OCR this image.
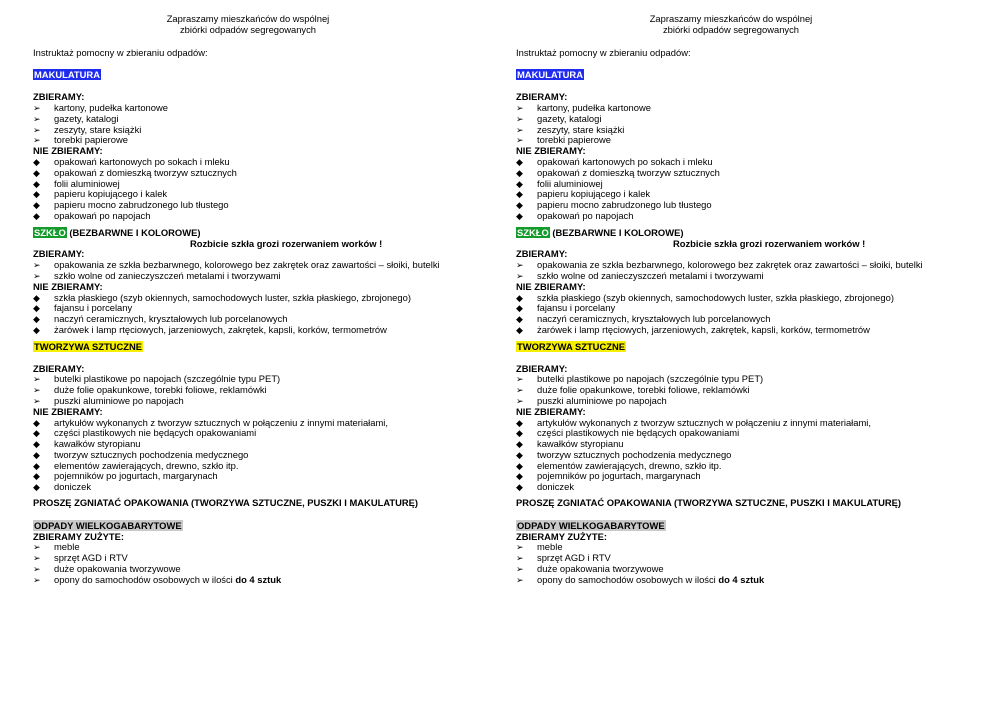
Zapraszamy mieszkańców do wspólnej
zbiórki odpadów segregowanych
Instruktaż pomocny w zbieraniu odpadów:
MAKULATURA
ZBIERAMY:
➢	kartony, pudełka kartonowe
➢	gazety, katalogi
➢	zeszyty, stare książki
➢	torebki papierowe
NIE ZBIERAMY:
◆	opakowań kartonowych po sokach i mleku
◆	opakowań z domieszką tworzyw sztucznych
◆	folii aluminiowej
◆	papieru kopiującego i kalek
◆	papieru mocno zabrudzonego lub tłustego
◆	opakowań po napojach
SZKŁO (BEZBARWNE I KOLOROWE)
Rozbicie szkła grozi rozerwaniem worków !
ZBIERAMY:
➢	opakowania ze szkła bezbarwnego, kolorowego bez zakrętek oraz zawartości – słoiki, butelki
➢	szkło wolne od zanieczyszczeń metalami i tworzywami
NIE ZBIERAMY:
◆	szkła płaskiego (szyb okiennych, samochodowych luster, szkła płaskiego, zbrojonego)
◆	fajansu i porcelany
◆	naczyń ceramicznych, kryształowych lub porcelanowych
◆	żarówek i lamp rtęciowych, jarzeniowych, zakrętek, kapsli, korków, termometrów
TWORZYWA SZTUCZNE
ZBIERAMY:
➢	butelki plastikowe po napojach (szczególnie typu PET)
➢	duże folie opakunkowe, torebki foliowe, reklamówki
➢	puszki aluminiowe po napojach
NIE ZBIERAMY:
◆	artykułów wykonanych z tworzyw sztucznych w połączeniu z innymi materiałami,
◆	części plastikowych nie będących opakowaniami
◆	kawałków styropianu
◆	tworzyw sztucznych pochodzenia medycznego
◆	elementów zawierających, drewno, szkło itp.
◆	pojemników po jogurtach, margarynach
◆	doniczek
PROSZĘ ZGNIATAĆ OPAKOWANIA (TWORZYWA SZTUCZNE, PUSZKI I MAKULATURĘ)
ODPADY WIELKOGABARYTOWE
ZBIERAMY ZUŻYTE:
➢	meble
➢	sprzęt AGD i RTV
➢	duże opakowania tworzywowe
➢	opony do samochodów osobowych w ilości do 4 sztuk
Zapraszamy mieszkańców do wspólnej
zbiórki odpadów segregowanych
Instruktaż pomocny w zbieraniu odpadów:
MAKULATURA
ZBIERAMY:
➢	kartony, pudełka kartonowe
➢	gazety, katalogi
➢	zeszyty, stare książki
➢	torebki papierowe
NIE ZBIERAMY:
◆	opakowań kartonowych po sokach i mleku
◆	opakowań z domieszką tworzyw sztucznych
◆	folii aluminiowej
◆	papieru kopiującego i kalek
◆	papieru mocno zabrudzonego lub tłustego
◆	opakowań po napojach
SZKŁO (BEZBARWNE I KOLOROWE)
Rozbicie szkła grozi rozerwaniem worków !
ZBIERAMY:
➢	opakowania ze szkła bezbarwnego, kolorowego bez zakrętek oraz zawartości – słoiki, butelki
➢	szkło wolne od zanieczyszczeń metalami i tworzywami
NIE ZBIERAMY:
◆	szkła płaskiego (szyb okiennych, samochodowych luster, szkła płaskiego, zbrojonego)
◆	fajansu i porcelany
◆	naczyń ceramicznych, kryształowych lub porcelanowych
◆	żarówek i lamp rtęciowych, jarzeniowych, zakrętek, kapsli, korków, termometrów
TWORZYWA SZTUCZNE
ZBIERAMY:
➢	butelki plastikowe po napojach (szczególnie typu PET)
➢	duże folie opakunkowe, torebki foliowe, reklamówki
➢	puszki aluminiowe po napojach
NIE ZBIERAMY:
◆	artykułów wykonanych z tworzyw sztucznych w połączeniu z innymi materiałami,
◆	części plastikowych nie będących opakowaniami
◆	kawałków styropianu
◆	tworzyw sztucznych pochodzenia medycznego
◆	elementów zawierających, drewno, szkło itp.
◆	pojemników po jogurtach, margarynach
◆	doniczek
PROSZĘ ZGNIATAĆ OPAKOWANIA (TWORZYWA SZTUCZNE, PUSZKI I MAKULATURĘ)
ODPADY WIELKOGABARYTOWE
ZBIERAMY ZUŻYTE:
➢	meble
➢	sprzęt AGD i RTV
➢	duże opakowania tworzywowe
➢	opony do samochodów osobowych w ilości do 4 sztuk
